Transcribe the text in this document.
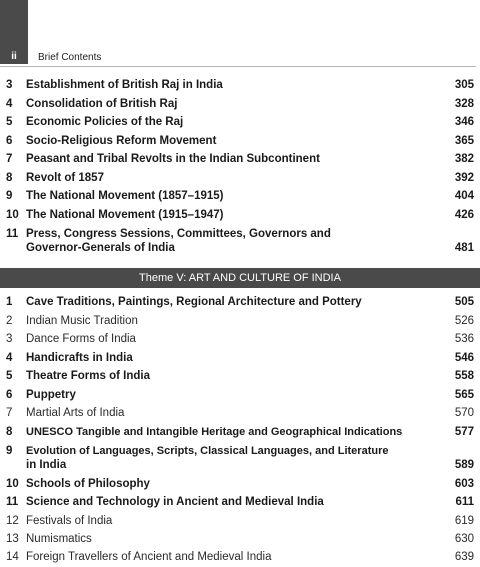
ii	Brief Contents
3 Establishment of British Raj in India	305
4 Consolidation of British Raj	328
5 Economic Policies of the Raj	346
6 Socio-Religious Reform Movement	365
7 Peasant and Tribal Revolts in the Indian Subcontinent	382
8 Revolt of 1857	392
9 The National Movement (1857–1915)	404
10 The National Movement (1915–1947)	426
11 Press, Congress Sessions, Committees, Governors and
Governor-Generals of India	481
Theme V: ART AND CULTURE OF INDIA
1 Cave Traditions, Paintings, Regional Architecture and Pottery	505
2 Indian Music Tradition	526
3 Dance Forms of India	536
4 Handicrafts in India	546
5 Theatre Forms of India	558
6 Puppetry	565
7 Martial Arts of India	570
8 UNESCO Tangible and Intangible Heritage and Geographical Indications	577
9 Evolution of Languages, Scripts, Classical Languages, and Literature
in India	589
10 Schools of Philosophy	603
11 Science and Technology in Ancient and Medieval India	611
12 Festivals of India	619
13 Numismatics	630
14 Foreign Travellers of Ancient and Medieval India	639
